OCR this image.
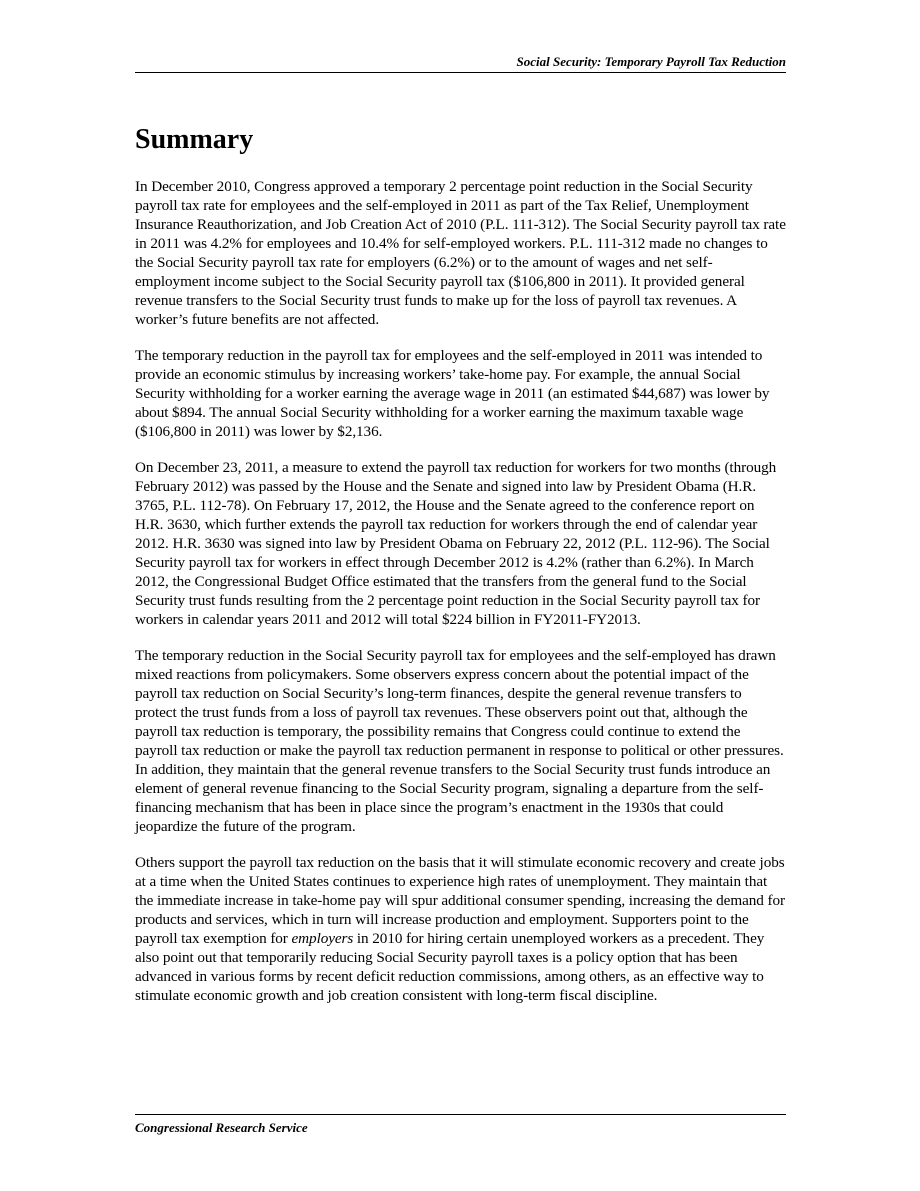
Social Security: Temporary Payroll Tax Reduction
Summary

In December 2010, Congress approved a temporary 2 percentage point reduction in the Social Security payroll tax rate for employees and the self-employed in 2011 as part of the Tax Relief, Unemployment Insurance Reauthorization, and Job Creation Act of 2010 (P.L. 111-312). The Social Security payroll tax rate in 2011 was 4.2% for employees and 10.4% for self-employed workers. P.L. 111-312 made no changes to the Social Security payroll tax rate for employers (6.2%) or to the amount of wages and net self-employment income subject to the Social Security payroll tax ($106,800 in 2011). It provided general revenue transfers to the Social Security trust funds to make up for the loss of payroll tax revenues. A worker’s future benefits are not affected.

The temporary reduction in the payroll tax for employees and the self-employed in 2011 was intended to provide an economic stimulus by increasing workers’ take-home pay. For example, the annual Social Security withholding for a worker earning the average wage in 2011 (an estimated $44,687) was lower by about $894. The annual Social Security withholding for a worker earning the maximum taxable wage ($106,800 in 2011) was lower by $2,136.

On December 23, 2011, a measure to extend the payroll tax reduction for workers for two months (through February 2012) was passed by the House and the Senate and signed into law by President Obama (H.R. 3765, P.L. 112-78). On February 17, 2012, the House and the Senate agreed to the conference report on H.R. 3630, which further extends the payroll tax reduction for workers through the end of calendar year 2012. H.R. 3630 was signed into law by President Obama on February 22, 2012 (P.L. 112-96). The Social Security payroll tax for workers in effect through December 2012 is 4.2% (rather than 6.2%). In March 2012, the Congressional Budget Office estimated that the transfers from the general fund to the Social Security trust funds resulting from the 2 percentage point reduction in the Social Security payroll tax for workers in calendar years 2011 and 2012 will total $224 billion in FY2011-FY2013.

The temporary reduction in the Social Security payroll tax for employees and the self-employed has drawn mixed reactions from policymakers. Some observers express concern about the potential impact of the payroll tax reduction on Social Security’s long-term finances, despite the general revenue transfers to protect the trust funds from a loss of payroll tax revenues. These observers point out that, although the payroll tax reduction is temporary, the possibility remains that Congress could continue to extend the payroll tax reduction or make the payroll tax reduction permanent in response to political or other pressures. In addition, they maintain that the general revenue transfers to the Social Security trust funds introduce an element of general revenue financing to the Social Security program, signaling a departure from the self-financing mechanism that has been in place since the program’s enactment in the 1930s that could jeopardize the future of the program.

Others support the payroll tax reduction on the basis that it will stimulate economic recovery and create jobs at a time when the United States continues to experience high rates of unemployment. They maintain that the immediate increase in take-home pay will spur additional consumer spending, increasing the demand for products and services, which in turn will increase production and employment. Supporters point to the payroll tax exemption for employers in 2010 for hiring certain unemployed workers as a precedent. They also point out that temporarily reducing Social Security payroll taxes is a policy option that has been advanced in various forms by recent deficit reduction commissions, among others, as an effective way to stimulate economic growth and job creation consistent with long-term fiscal discipline.

Congressional Research Service
